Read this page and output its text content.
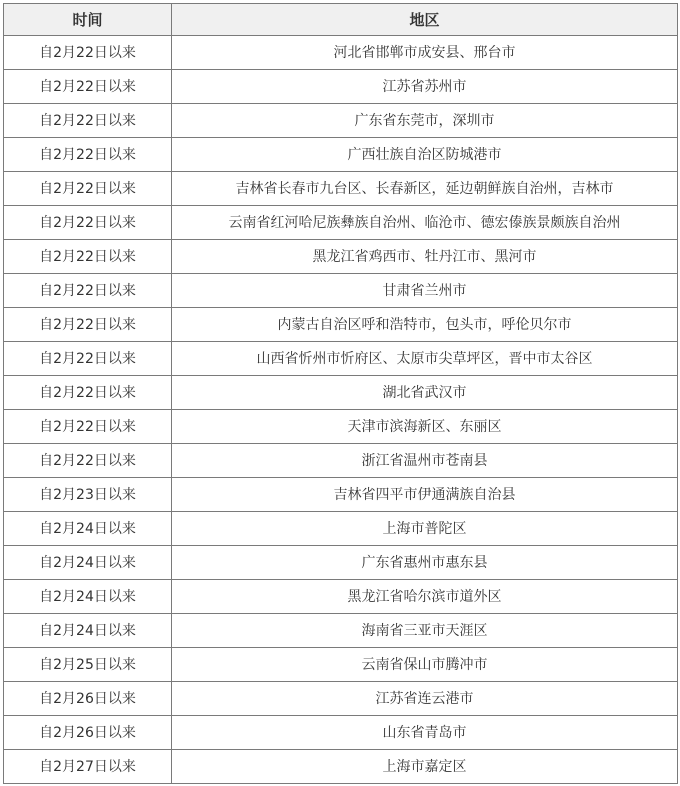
时间	地区
自2月22日以来	河北省邯郸市成安县、邢台市
自2月22日以来	江苏省苏州市
自2月22日以来	广东省东莞市，深圳市
自2月22日以来	广西壮族自治区防城港市
自2月22日以来	吉林省长春市九台区、长春新区，延边朝鲜族自治州，吉林市
自2月22日以来	云南省红河哈尼族彝族自治州、临沧市、德宏傣族景颇族自治州
自2月22日以来	黑龙江省鸡西市、牡丹江市、黑河市
自2月22日以来	甘肃省兰州市
自2月22日以来	内蒙古自治区呼和浩特市，包头市，呼伦贝尔市
自2月22日以来	山西省忻州市忻府区、太原市尖草坪区，晋中市太谷区
自2月22日以来	湖北省武汉市
自2月22日以来	天津市滨海新区、东丽区
自2月22日以来	浙江省温州市苍南县
自2月23日以来	吉林省四平市伊通满族自治县
自2月24日以来	上海市普陀区
自2月24日以来	广东省惠州市惠东县
自2月24日以来	黑龙江省哈尔滨市道外区
自2月24日以来	海南省三亚市天涯区
自2月25日以来	云南省保山市腾冲市
自2月26日以来	江苏省连云港市
自2月26日以来	山东省青岛市
自2月27日以来	上海市嘉定区
